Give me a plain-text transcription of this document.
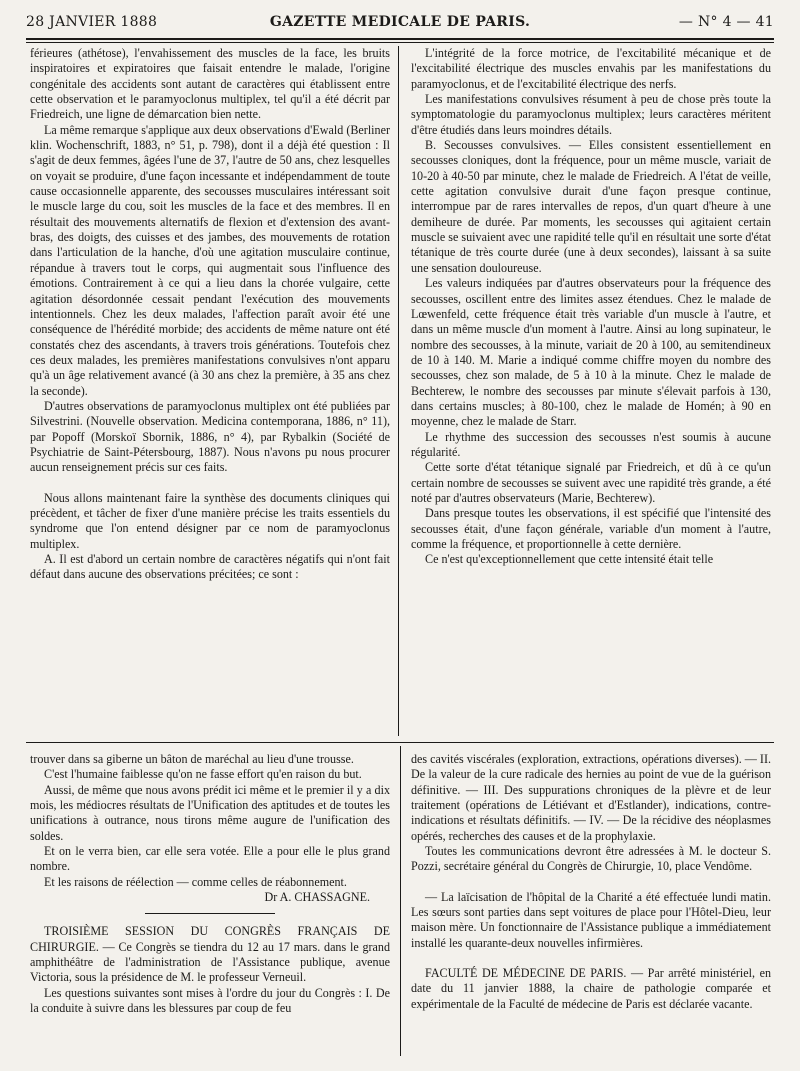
28 JANVIER 1888	GAZETTE MEDICALE DE PARIS.	— N° 4 — 41

férieures (athétose), l'envahissement des muscles de la face, les bruits inspiratoires et expiratoires que faisait entendre le malade, l'origine congénitale des accidents sont autant de caractères qui établissent entre cette observation et le paramyoclonus multiplex, tel qu'il a été décrit par Friedreich, une ligne de démarcation bien nette.

La même remarque s'applique aux deux observations d'Ewald (Berliner klin. Wochenschrift, 1883, n° 51, p. 798), dont il a déjà été question : Il s'agit de deux femmes, âgées l'une de 37, l'autre de 50 ans, chez lesquelles on voyait se produire, d'une façon incessante et indépendamment de toute cause occasionnelle apparente, des secousses musculaires intéressant soit le muscle large du cou, soit les muscles de la face et des membres. Il en résultait des mouvements alternatifs de flexion et d'extension des avant-bras, des doigts, des cuisses et des jambes, des mouvements de rotation dans l'articulation de la hanche, d'où une agitation musculaire continue, répandue à travers tout le corps, qui augmentait sous l'influence des émotions. Contrairement à ce qui a lieu dans la chorée vulgaire, cette agitation désordonnée cessait pendant l'exécution des mouvements intentionnels. Chez les deux malades, l'affection paraît avoir été une conséquence de l'hérédité morbide; des accidents de même nature ont été constatés chez des ascendants, à travers trois générations. Toutefois chez ces deux malades, les premières manifestations convulsives n'ont apparu qu'à un âge relativement avancé (à 30 ans chez la première, à 35 ans chez la seconde).

D'autres observations de paramyoclonus multiplex ont été publiées par Silvestrini. (Nouvelle observation. Medicina contemporana, 1886, n° 11), par Popoff (Morskoï Sbornik, 1886, n° 4), par Rybalkin (Société de Psychiatrie de Saint-Pétersbourg, 1887). Nous n'avons pu nous procurer aucun renseignement précis sur ces faits.

Nous allons maintenant faire la synthèse des documents cliniques qui précèdent, et tâcher de fixer d'une manière précise les traits essentiels du syndrome que l'on entend désigner par ce nom de paramyoclonus multiplex.

A. Il est d'abord un certain nombre de caractères négatifs qui n'ont fait défaut dans aucune des observations précitées; ce sont :

L'intégrité de la force motrice, de l'excitabilité mécanique et de l'excitabilité électrique des muscles envahis par les manifestations du paramyoclonus, et de l'excitabilité électrique des nerfs.

Les manifestations convulsives résument à peu de chose près toute la symptomatologie du paramyoclonus multiplex; leurs caractères méritent d'être étudiés dans leurs moindres détails.

B. Secousses convulsives. — Elles consistent essentiellement en secousses cloniques, dont la fréquence, pour un même muscle, variait de 10-20 à 40-50 par minute, chez le malade de Friedreich. A l'état de veille, cette agitation convulsive durait d'une façon presque continue, interrompue par de rares intervalles de repos, d'un quart d'heure à une demiheure de durée. Par moments, les secousses qui agitaient certain muscle se suivaient avec une rapidité telle qu'il en résultait une sorte d'état tétanique de très courte durée (une à deux secondes), laissant à sa suite une sensation douloureuse.

Les valeurs indiquées par d'autres observateurs pour la fréquence des secousses, oscillent entre des limites assez étendues. Chez le malade de Lœwenfeld, cette fréquence était très variable d'un muscle à l'autre, et dans un même muscle d'un moment à l'autre. Ainsi au long supinateur, le nombre des secousses, à la minute, variait de 20 à 100, au semitendineux de 10 à 140. M. Marie a indiqué comme chiffre moyen du nombre des secousses, chez son malade, de 5 à 10 à la minute. Chez le malade de Bechterew, le nombre des secousses par minute s'élevait parfois à 130, dans certains muscles; à 80-100, chez le malade de Homén; à 90 en moyenne, chez le malade de Starr.

Le rhythme des succession des secousses n'est soumis à aucune régularité.

Cette sorte d'état tétanique signalé par Friedreich, et dû à ce qu'un certain nombre de secousses se suivent avec une rapidité très grande, a été noté par d'autres observateurs (Marie, Bechterew).

Dans presque toutes les observations, il est spécifié que l'intensité des secousses était, d'une façon générale, variable d'un moment à l'autre, comme la fréquence, et proportionnelle à cette dernière.

Ce n'est qu'exceptionnellement que cette intensité était telle

trouver dans sa giberne un bâton de maréchal au lieu d'une trousse.

C'est l'humaine faiblesse qu'on ne fasse effort qu'en raison du but.

Aussi, de même que nous avons prédit ici même et le premier il y a dix mois, les médiocres résultats de l'Unification des aptitudes et de toutes les unifications à outrance, nous tirons même augure de l'unification des soldes.

Et on le verra bien, car elle sera votée. Elle a pour elle le plus grand nombre.

Et les raisons de réélection — comme celles de réabonnement.

Dr A. CHASSAGNE.

TROISIÈME SESSION DU CONGRÈS FRANÇAIS DE CHIRURGIE. — Ce Congrès se tiendra du 12 au 17 mars. dans le grand amphithéâtre de l'administration de l'Assistance publique, avenue Victoria, sous la présidence de M. le professeur Verneuil.

Les questions suivantes sont mises à l'ordre du jour du Congrès : I. De la conduite à suivre dans les blessures par coup de feu

des cavités viscérales (exploration, extractions, opérations diverses). — II. De la valeur de la cure radicale des hernies au point de vue de la guérison définitive. — III. Des suppurations chroniques de la plèvre et de leur traitement (opérations de Létiévant et d'Estlander), indications, contre-indications et résultats définitifs. — IV. — De la récidive des néoplasmes opérés, recherches des causes et de la prophylaxie.

Toutes les communications devront être adressées à M. le docteur S. Pozzi, secrétaire général du Congrès de Chirurgie, 10, place Vendôme.

— La laïcisation de l'hôpital de la Charité a été effectuée lundi matin. Les sœurs sont parties dans sept voitures de place pour l'Hôtel-Dieu, leur maison mère. Un fonctionnaire de l'Assistance publique a immédiatement installé les quarante-deux nouvelles infirmières.

FACULTÉ DE MÉDECINE DE PARIS. — Par arrêté ministériel, en date du 11 janvier 1888, la chaire de pathologie comparée et expérimentale de la Faculté de médecine de Paris est déclarée vacante.
